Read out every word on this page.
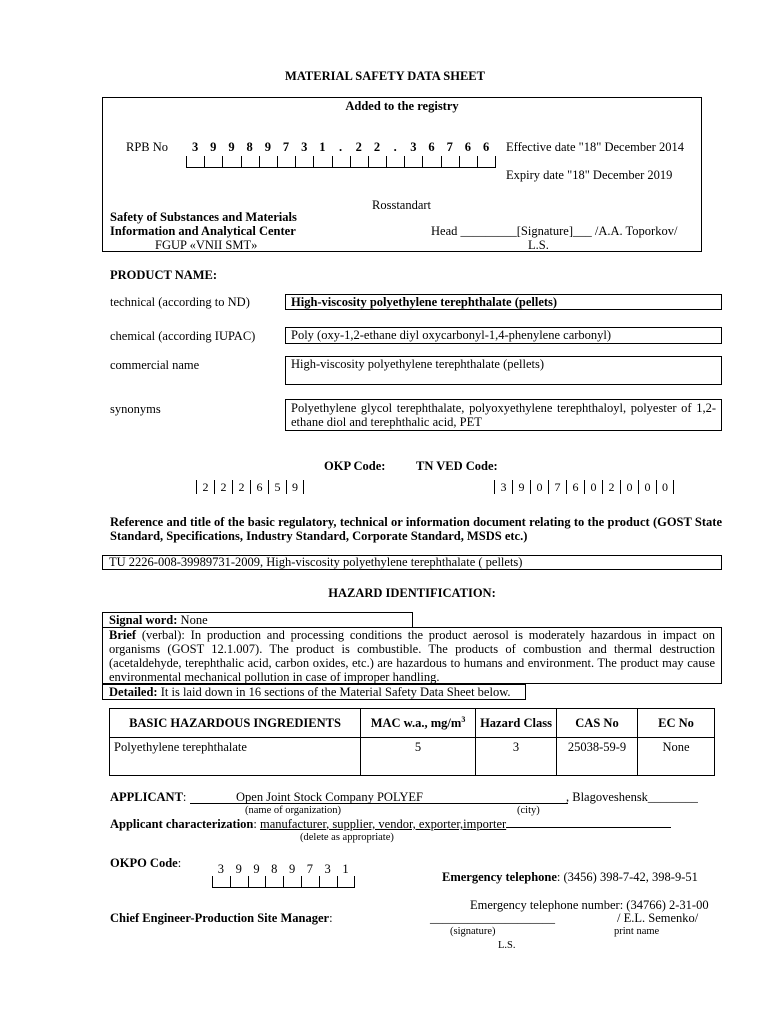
MATERIAL SAFETY DATA SHEET
Added to the registry
RPB No	3 9 9 8 9 7 3 1	.	2 2	.	3 6 7 6 6	Effective date "18" December 2014
Expiry date "18" December 2019
Rosstandart
Safety of Substances and Materials
Information and Analytical Center
FGUP «VNII SMT»
Head _________[Signature]___ /A.A. Toporkov/
L.S.
PRODUCT NAME:
technical (according to ND)	High-viscosity polyethylene terephthalate (pellets)
chemical (according IUPAC)	Poly (oxy-1,2-ethane diyl oxycarbonyl-1,4-phenylene carbonyl)
commercial name	High-viscosity polyethylene terephthalate (pellets)
synonyms	Polyethylene glycol terephthalate, polyoxyethylene terephthaloyl, polyester of 1,2- ethane diol and terephthalic acid, PET
OKP Code: TN VED Code:
2	2	2	6	5 9	3	9	0	7	6	0	2	0	0 0
Reference and title of the basic regulatory, technical or information document relating to the product (GOST State Standard, Specifications, Industry Standard, Corporate Standard, MSDS etc.)
TU 2226-008-39989731-2009, High-viscosity polyethylene terephthalate ( pellets)
HAZARD IDENTIFICATION:
Signal word: None
Brief (verbal): In production and processing conditions the product aerosol is moderately hazardous in impact on organisms (GOST 12.1.007). The product is combustible. The products of combustion and thermal destruction (acetaldehyde, terephthalic acid, carbon oxides, etc.) are hazardous to humans and environment. The product may cause environmental mechanical pollution in case of improper handling.
Detailed: It is laid down in 16 sections of the Material Safety Data Sheet below.
BASIC HAZARDOUS INGREDIENTS	MAC w.a., $mg/m^3$	Hazard Class	CAS No	EC No
Polyethylene terephthalate	5	3	25038-59-9	None
APPLICANT:	Open Joint Stock Company POLYEF	, Blagoveshensk________
(name of organization)	(city)
Applicant characterization: manufacturer, supplier, vendor, exporter,importer
(delete as appropriate)
OKPO Code:	3 9 9 8 9 7 3 1
Emergency telephone: (3456) 398-7-42, 398-9-51
Emergency telephone number: (34766) 2-31-00
Chief Engineer-Production Site Manager:	____________________	/ E.L. Semenko/
(signature)	print name
L.S.
